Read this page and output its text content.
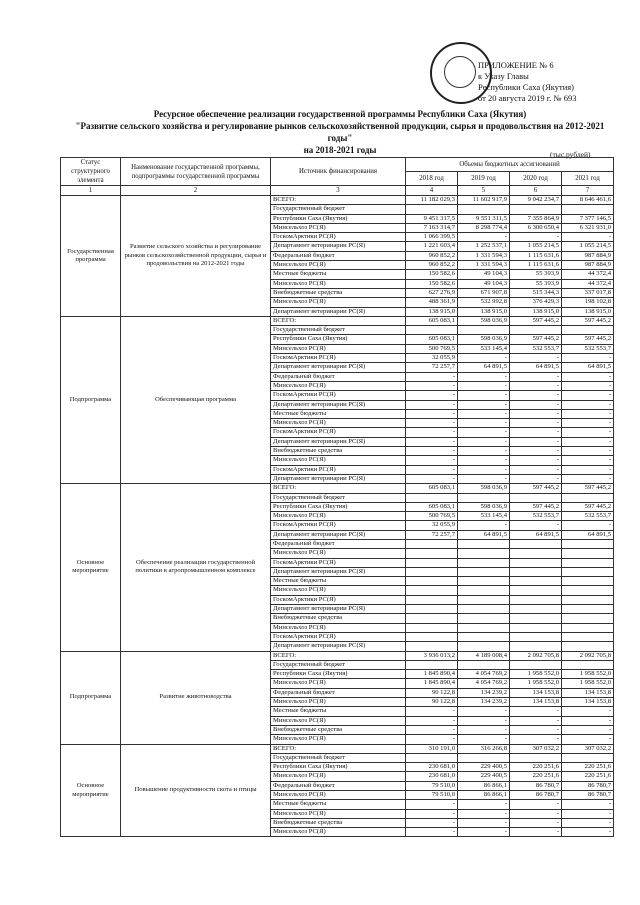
ПРИЛОЖЕНИЕ № 6
к Указу Главы
Республики Саха (Якутия)
от 20 августа 2019 г. № 693
Ресурсное обеспечение реализации государственной программы Республики Саха (Якутия)
"Развитие сельского хозяйства и регулирование рынков сельскохозяйственной продукции, сырья и продовольствия на 2012-2021 годы"
на 2018-2021 годы	(тыс.рублей)
Статус структурного элемента	Наименование государственной программы, подпрограммы государственной программы	Источник финансирования	Объемы бюджетных ассигнований			
			2018 год	2019 год	2020 год	2021 год
1	2	3	4	5	6	7
Государственная программа	Развитие сельского хозяйства и регулирование рынков сельскохозяйственной продукции, сырья и продовольствия на 2012-2021 годы	ВСЕГО:	11 182 029,3	11 602 917,9	9 042 234,7	8 646 461,6
		Государственный бюджет				
		Республики Саха (Якутия)	9 451 317,5	9 551 311,5	7 355 864,9	7 377 146,5
		Минсельхоз РС(Я)	7 163 314,7	8 298 774,4	6 300 650,4	6 321 931,0
		ГоскомАрктики РС(Я)	1 066 399,5	-	-	-
		Департамент ветеринарии РС(Я)	1 221 603,4	1 252 537,1	1 055 214,5	1 055 214,5
		Федеральный бюджет	960 852,2	1 331 594,3	1 115 631,6	987 884,9
		Минсельхоз РС(Я)	960 852,2	1 331 594,3	1 115 631,6	987 884,9
		Местные бюджеты	150 582,6	49 104,3	55 393,9	44 372,4
		Минсельхоз РС(Я)	150 582,6	49 104,3	55 393,9	44 372,4
		Внебюджетные средства	627 276,9	671 907,8	515 344,3	337 017,8
		Минсельхоз РС(Я)	488 361,9	532 992,8	376 429,3	198 102,8
		Департамент ветеринарии РС(Я)	138 915,0	138 915,0	138 915,0	138 915,0
Подпрограмма	Обеспечивающая программа	ВСЕГО:	605 083,1	598 036,9	597 445,2	597 445,2
		Государственный бюджет				
		Республики Саха (Якутия)	605 083,1	598 036,9	597 445,2	597 445,2
		Минсельхоз РС(Я)	500 769,5	533 145,4	532 553,7	532 553,7
		ГоскомАрктики РС(Я)	32 055,9	-	-	-
		Департамент ветеринарии РС(Я)	72 257,7	64 891,5	64 891,5	64 891,5
		Федеральный бюджет	-	-	-	-
		Минсельхоз РС(Я)	-	-	-	-
		ГоскомАрктики РС(Я)	-	-	-	-
		Департамент ветеринарии РС(Я)	-	-	-	-
		Местные бюджеты	-	-	-	-
		Минсельхоз РС(Я)	-	-	-	-
		ГоскомАрктики РС(Я)	-	-	-	-
		Департамент ветеринарии РС(Я)	-	-	-	-
		Внебюджетные средства	-	-	-	-
		Минсельхоз РС(Я)	-	-	-	-
		ГоскомАрктики РС(Я)	-	-	-	-
		Департамент ветеринарии РС(Я)	-	-	-	-
Основное мероприятие	Обеспечение реализации государственной политики в агропромышленном комплексе	ВСЕГО:	605 083,1	598 036,9	597 445,2	597 445,2
		Государственный бюджет				
		Республики Саха (Якутия)	605 083,1	598 036,9	597 445,2	597 445,2
		Минсельхоз РС(Я)	500 769,5	533 145,4	532 553,7	532 553,7
		ГоскомАрктики РС(Я)	32 055,9	-	-	-
		Департамент ветеринарии РС(Я)	72 257,7	64 891,5	64 891,5	64 891,5
		Федеральный бюджет				
		Минсельхоз РС(Я)				
		ГоскомАрктики РС(Я)				
		Департамент ветеринарии РС(Я)				
		Местные бюджеты				
		Минсельхоз РС(Я)				
		ГоскомАрктики РС(Я)				
		Департамент ветеринарии РС(Я)				
		Внебюджетные средства				
		Минсельхоз РС(Я)				
		ГоскомАрктики РС(Я)				
		Департамент ветеринарии РС(Я)				
Подпрограмма	Развитие животноводства	ВСЕГО:	3 936 013,2	4 189 008,4	2 092 705,8	2 092 705,8
		Государственный бюджет				
		Республики Саха (Якутия)	1 845 890,4	4 054 769,2	1 958 552,0	1 958 552,0
		Минсельхоз РС(Я)	1 845 890,4	4 054 769,2	1 958 552,0	1 958 552,0
		Федеральный бюджет	90 122,8	134 239,2	134 153,8	134 153,8
		Минсельхоз РС(Я)	90 122,8	134 239,2	134 153,8	134 153,8
		Местные бюджеты	-	-	-	-
		Минсельхоз РС(Я)	-	-	-	-
		Внебюджетные средства	-	-	-	-
		Минсельхоз РС(Я)	-	-	-	-
Основное мероприятие	Повышение продуктивности скота и птицы	ВСЕГО:	310 191,0	316 266,8	307 032,2	307 032,2
		Государственный бюджет				
		Республики Саха (Якутия)	230 681,0	229 400,5	220 251,6	220 251,6
		Минсельхоз РС(Я)	230 681,0	229 400,5	220 251,6	220 251,6
		Федеральный бюджет	79 510,0	86 866,1	86 780,7	86 780,7
		Минсельхоз РС(Я)	79 510,0	86 866,1	86 780,7	86 780,7
		Местные бюджеты	-	-	-	-
		Минсельхоз РС(Я)	-	-	-	-
		Внебюджетные средства	-	-	-	-
		Минсельхоз РС(Я)	-	-	-	-
